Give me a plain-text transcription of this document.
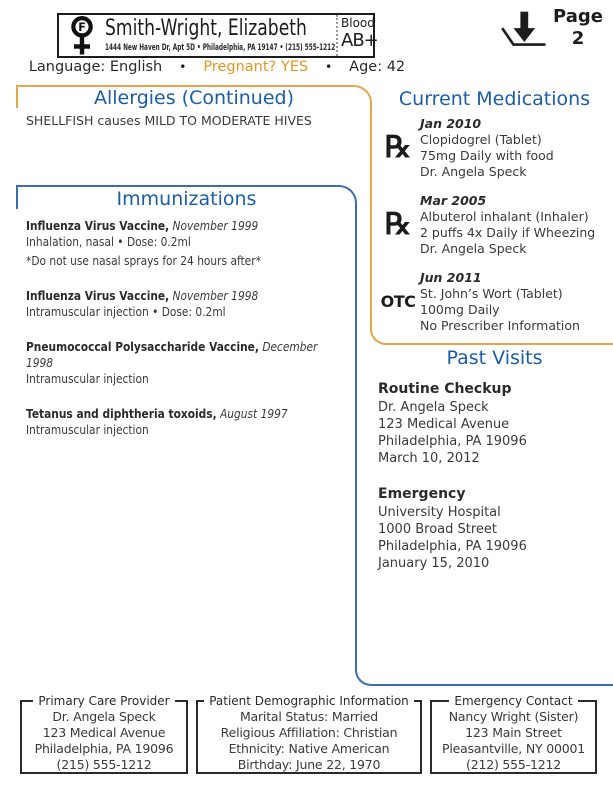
F Smith-Wright, Elizabeth
1444 New Haven Dr, Apt 5D • Philadelphia, PA 19147 • (215) 555-1212
Blood
AB+
Page
2
Language: English • Pregnant? YES • Age: 42
Allergies (Continued)
SHELLFISH causes MILD TO MODERATE HIVES
Immunizations
Influenza Virus Vaccine, November 1999
Inhalation, nasal • Dose: 0.2ml
*Do not use nasal sprays for 24 hours after*
Influenza Virus Vaccine, November 1998
Intramuscular injection • Dose: 0.2ml
Pneumococcal Polysaccharide Vaccine, December 1998
Intramuscular injection
Tetanus and diphtheria toxoids, August 1997
Intramuscular injection
Current Medications
℞
Jan 2010
Clopidogrel (Tablet)
75mg Daily with food
Dr. Angela Speck
℞
Mar 2005
Albuterol inhalant (Inhaler)
2 puffs 4x Daily if Wheezing
Dr. Angela Speck
OTC
Jun 2011
St. John’s Wort (Tablet)
100mg Daily
No Prescriber Information
Past Visits
Routine Checkup
Dr. Angela Speck
123 Medical Avenue
Philadelphia, PA 19096
March 10, 2012
Emergency
University Hospital
1000 Broad Street
Philadelphia, PA 19096
January 15, 2010
Primary Care Provider
Dr. Angela Speck
123 Medical Avenue
Philadelphia, PA 19096
(215) 555-1212
Patient Demographic Information
Marital Status: Married
Religious Affiliation: Christian
Ethnicity: Native American
Birthday: June 22, 1970
Emergency Contact
Nancy Wright (Sister)
123 Main Street
Pleasantville, NY 00001
(212) 555-1212
